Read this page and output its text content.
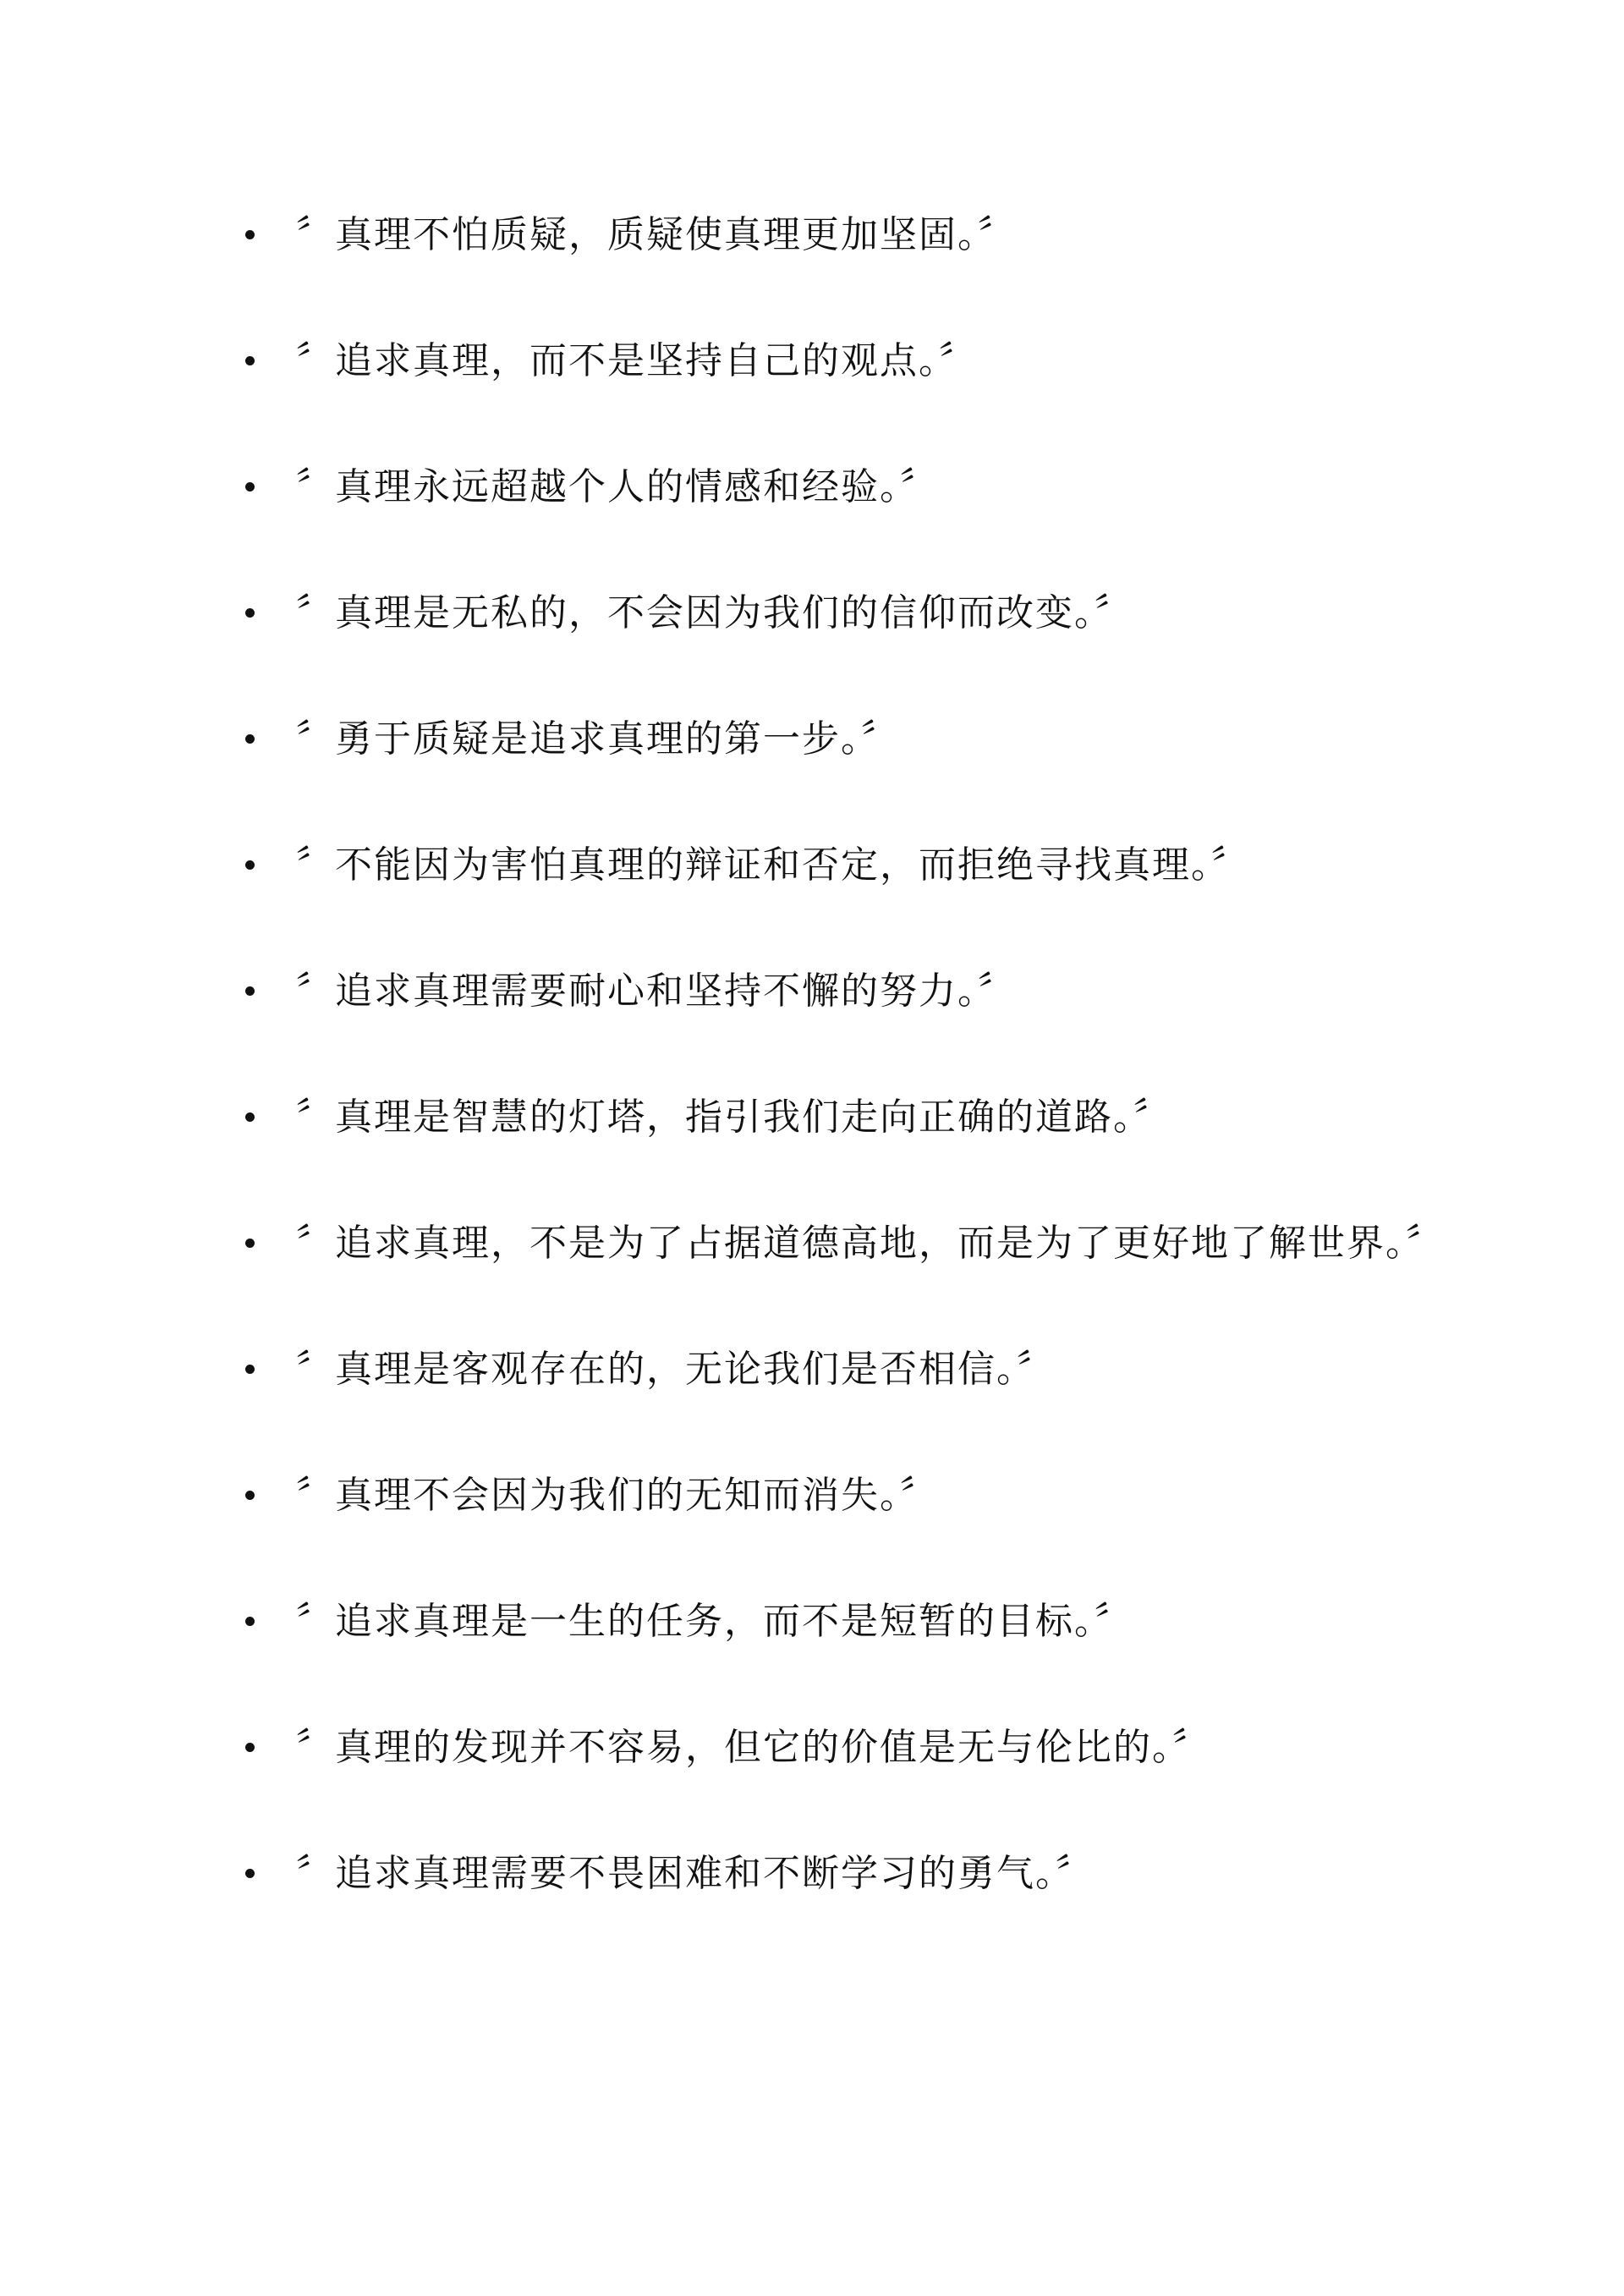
〞真理不怕质疑，质疑使真理更加坚固。〞
〞追求真理，而不是坚持自己的观点。〞
〞真理永远超越个人的情感和经验。〞
〞真理是无私的，不会因为我们的信仰而改变。〞
〞勇于质疑是追求真理的第一步。〞
〞不能因为害怕真理的辩证和否定，而拒绝寻找真理。〞
〞追求真理需要耐心和坚持不懈的努力。〞
〞真理是智慧的灯塔，指引我们走向正确的道路。〞
〞追求真理，不是为了占据道德高地，而是为了更好地了解世界。〞
〞真理是客观存在的，无论我们是否相信。〞
〞真理不会因为我们的无知而消失。〞
〞追求真理是一生的任务，而不是短暂的目标。〞
〞真理的发现并不容易，但它的价值是无与伦比的。〞
〞追求真理需要不畏困难和不断学习的勇气。〞
